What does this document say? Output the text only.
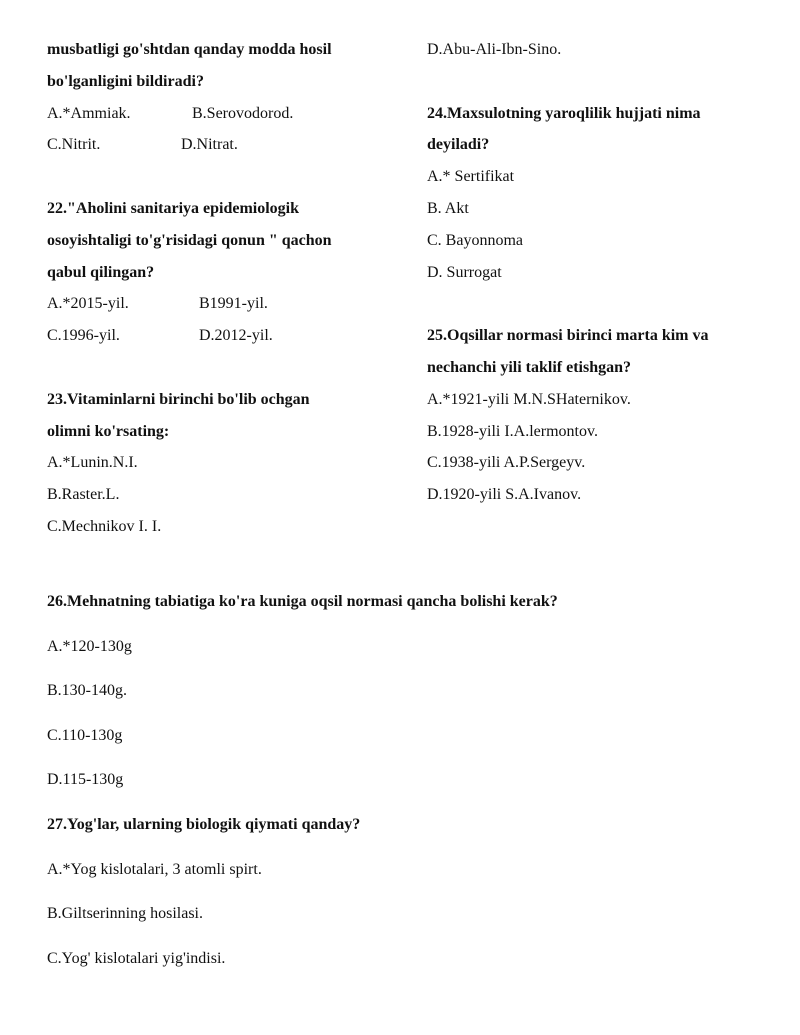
musbatligi go'shtdan qanday modda hosil
bo'lganligini bildiradi?
A.*Ammiak.	B.Serovodorod.
C.Nitrit.	D.Nitrat.
22."Aholini sanitariya epidemiologik
osoyishtaligi to'g'risidagi qonun " qachon
qabul qilingan?
A.*2015-yil.	B1991-yil.
C.1996-yil.	D.2012-yil.
23.Vitaminlarni birinchi bo'lib ochgan
olimni ko'rsating:
A.*Lunin.N.I.
B.Raster.L.
C.Mechnikov I. I.
D.Abu-Ali-Ibn-Sino.
24.Maxsulotning yaroqlilik hujjati nima
deyiladi?
A.* Sertifikat
B. Akt
C. Bayonnoma
D. Surrogat
25.Oqsillar normasi birinci marta kim va
nechanchi yili taklif etishgan?
A.*1921-yili M.N.SHaternikov.
B.1928-yili I.A.lermontov.
C.1938-yili A.P.Sergeyv.
D.1920-yili S.A.Ivanov.
26.Mehnatning tabiatiga ko'ra kuniga oqsil normasi qancha bolishi kerak?
A.*120-130g
B.130-140g.
C.110-130g
D.115-130g
27.Yog'lar, ularning biologik qiymati qanday?
A.*Yog kislotalari, 3 atomli spirt.
B.Giltserinning hosilasi.
C.Yog' kislotalari yig'indisi.
